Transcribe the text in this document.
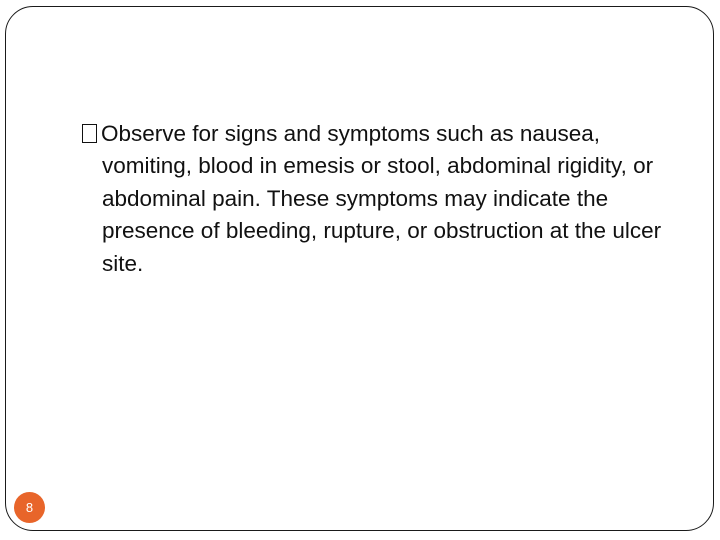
Observe for signs and symptoms such as nausea, vomiting, blood in emesis or stool, abdominal rigidity, or abdominal pain. These symptoms may indicate the presence of bleeding, rupture, or obstruction at the ulcer site.
8
